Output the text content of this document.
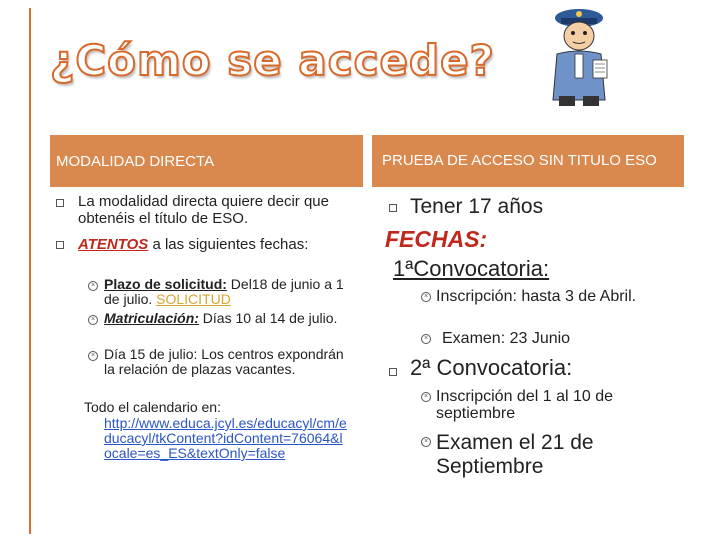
¿Cómo se accede?
MODALIDAD DIRECTA
La modalidad directa quiere decir que obtenéis el título de ESO.
ATENTOS a las siguientes fechas:
× Plazo de solicitud: Del18 de junio a 1 de julio. SOLICITUD
× Matriculación: Días 10 al 14 de julio.
× Día 15 de julio: Los centros expondrán la relación de plazas vacantes.
Todo el calendario en:
http://www.educa.jcyl.es/educacyl/cm/educacyl/tkContent?idContent=76064&locale=es_ES&textOnly=false
PRUEBA DE ACCESO SIN TITULO ESO
Tener 17 años
FECHAS:
1ªConvocatoria:
× Inscripción: hasta 3 de Abril.
× Examen: 23 Junio
2ª Convocatoria:
× Inscripción del 1 al 10 de septiembre
× Examen el 21 de Septiembre
